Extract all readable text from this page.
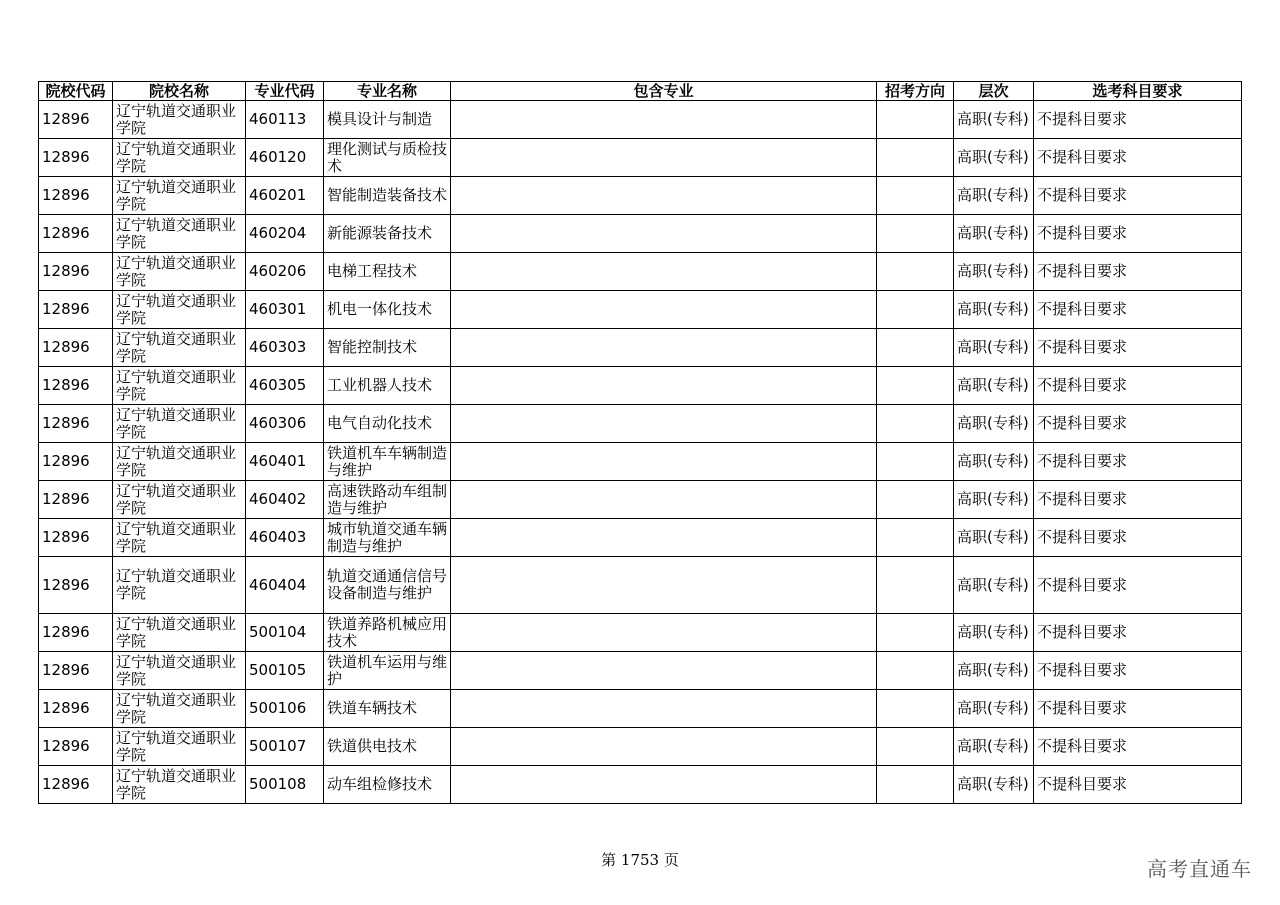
院校代码	院校名称	专业代码	专业名称	包含专业	招考方向	层次	选考科目要求
12896	辽宁轨道交通职业学院	460113	模具设计与制造			高职(专科)	不提科目要求
12896	辽宁轨道交通职业学院	460120	理化测试与质检技术			高职(专科)	不提科目要求
12896	辽宁轨道交通职业学院	460201	智能制造装备技术			高职(专科)	不提科目要求
12896	辽宁轨道交通职业学院	460204	新能源装备技术			高职(专科)	不提科目要求
12896	辽宁轨道交通职业学院	460206	电梯工程技术			高职(专科)	不提科目要求
12896	辽宁轨道交通职业学院	460301	机电一体化技术			高职(专科)	不提科目要求
12896	辽宁轨道交通职业学院	460303	智能控制技术			高职(专科)	不提科目要求
12896	辽宁轨道交通职业学院	460305	工业机器人技术			高职(专科)	不提科目要求
12896	辽宁轨道交通职业学院	460306	电气自动化技术			高职(专科)	不提科目要求
12896	辽宁轨道交通职业学院	460401	铁道机车车辆制造与维护			高职(专科)	不提科目要求
12896	辽宁轨道交通职业学院	460402	高速铁路动车组制造与维护			高职(专科)	不提科目要求
12896	辽宁轨道交通职业学院	460403	城市轨道交通车辆制造与维护			高职(专科)	不提科目要求
12896	辽宁轨道交通职业学院	460404	轨道交通通信信号设备制造与维护			高职(专科)	不提科目要求
12896	辽宁轨道交通职业学院	500104	铁道养路机械应用技术			高职(专科)	不提科目要求
12896	辽宁轨道交通职业学院	500105	铁道机车运用与维护			高职(专科)	不提科目要求
12896	辽宁轨道交通职业学院	500106	铁道车辆技术			高职(专科)	不提科目要求
12896	辽宁轨道交通职业学院	500107	铁道供电技术			高职(专科)	不提科目要求
12896	辽宁轨道交通职业学院	500108	动车组检修技术			高职(专科)	不提科目要求
第 1753 页	高考直通车
